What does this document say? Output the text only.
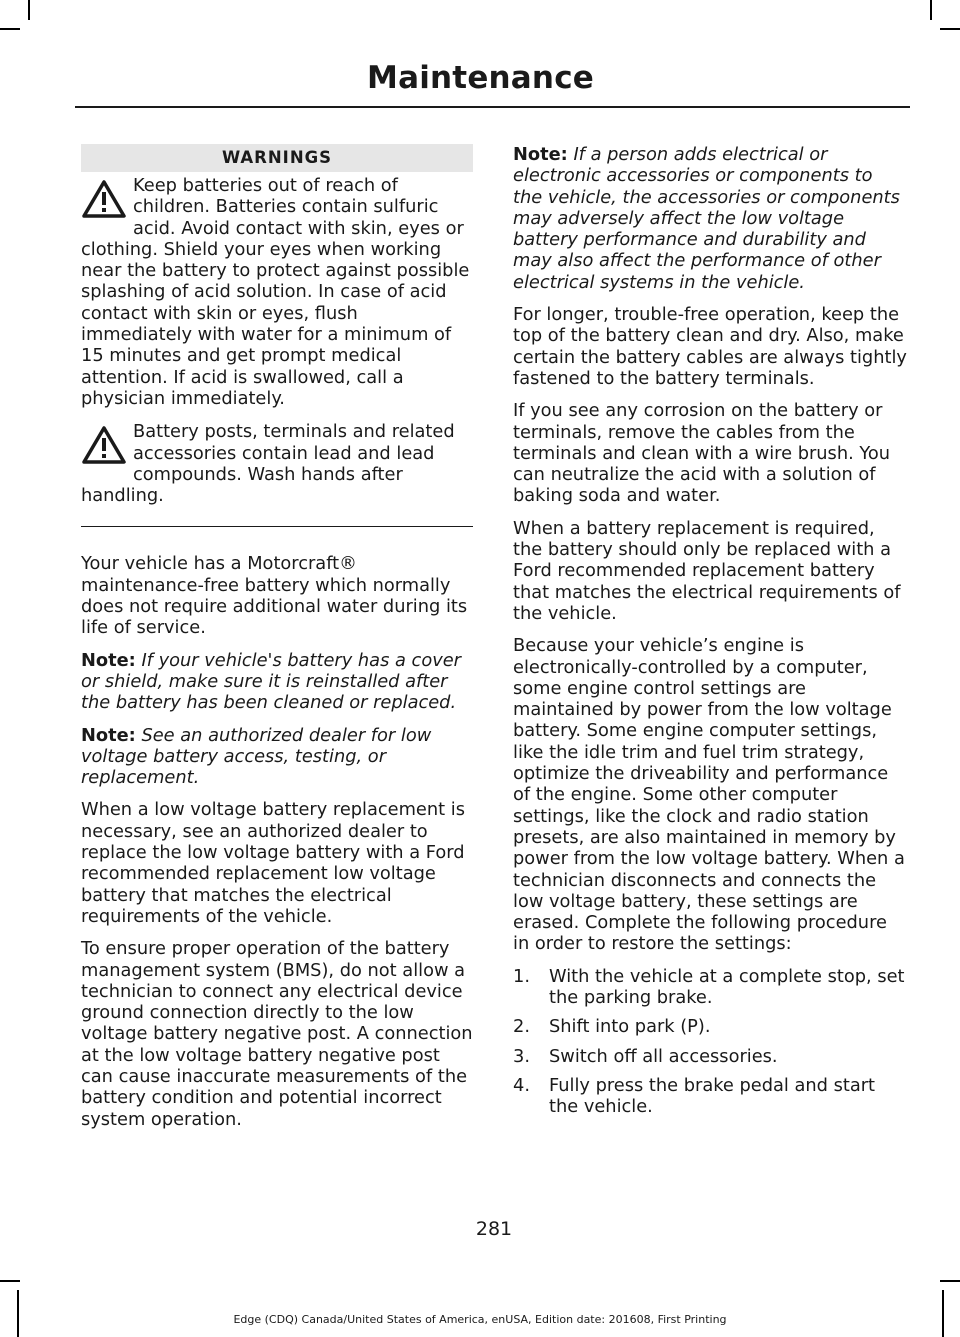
Maintenance
WARNINGS
Keep batteries out of reach of children. Batteries contain sulfuric acid. Avoid contact with skin, eyes or clothing. Shield your eyes when working near the battery to protect against possible splashing of acid solution. In case of acid contact with skin or eyes, flush immediately with water for a minimum of 15 minutes and get prompt medical attention. If acid is swallowed, call a physician immediately.
Battery posts, terminals and related accessories contain lead and lead compounds. Wash hands after handling.

Your vehicle has a Motorcraft® maintenance-free battery which normally does not require additional water during its life of service.

Note: If your vehicle's battery has a cover or shield, make sure it is reinstalled after the battery has been cleaned or replaced.

Note: See an authorized dealer for low voltage battery access, testing, or replacement.

When a low voltage battery replacement is necessary, see an authorized dealer to replace the low voltage battery with a Ford recommended replacement low voltage battery that matches the electrical requirements of the vehicle.

To ensure proper operation of the battery management system (BMS), do not allow a technician to connect any electrical device ground connection directly to the low voltage battery negative post. A connection at the low voltage battery negative post can cause inaccurate measurements of the battery condition and potential incorrect system operation.

Note: If a person adds electrical or electronic accessories or components to the vehicle, the accessories or components may adversely affect the low voltage battery performance and durability and may also affect the performance of other electrical systems in the vehicle.

For longer, trouble-free operation, keep the top of the battery clean and dry. Also, make certain the battery cables are always tightly fastened to the battery terminals.

If you see any corrosion on the battery or terminals, remove the cables from the terminals and clean with a wire brush. You can neutralize the acid with a solution of baking soda and water.

When a battery replacement is required, the battery should only be replaced with a Ford recommended replacement battery that matches the electrical requirements of the vehicle.

Because your vehicle’s engine is electronically-controlled by a computer, some engine control settings are maintained by power from the low voltage battery. Some engine computer settings, like the idle trim and fuel trim strategy, optimize the driveability and performance of the engine. Some other computer settings, like the clock and radio station presets, are also maintained in memory by power from the low voltage battery. When a technician disconnects and connects the low voltage battery, these settings are erased. Complete the following procedure in order to restore the settings:

1.	With the vehicle at a complete stop, set the parking brake.
2.	Shift into park (P).
3.	Switch off all accessories.
4.	Fully press the brake pedal and start the vehicle.
281
Edge (CDQ) Canada/United States of America, enUSA, Edition date: 201608, First Printing
